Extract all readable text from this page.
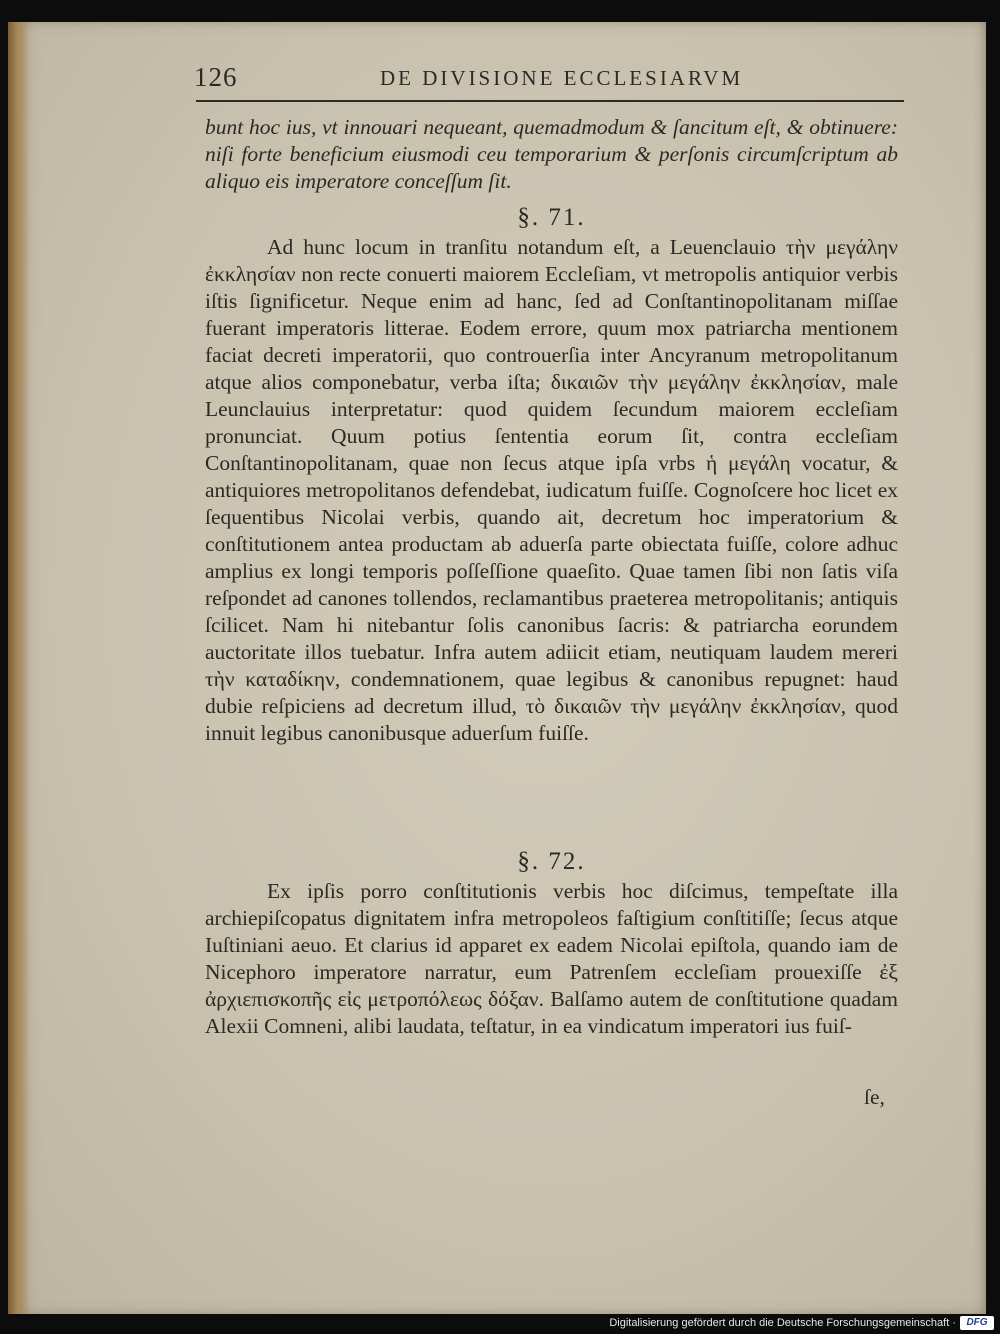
126	DE DIVISIONE ECCLESIARVM
bunt hoc ius, vt innouari nequeant, quemadmodum & ſancitum eſt, & obtinuere: niſi forte beneficium eiusmodi ceu temporarium & perſonis circumſcriptum ab aliquo eis imperatore conceſſum ſit.
§. 71.
Ad hunc locum in tranſitu notandum eſt, a Leuenclauio τὴν μεγάλην ἐκκλησίαν non recte conuerti maiorem Eccleſiam, vt metropolis antiquior verbis iſtis ſignificetur. Neque enim ad hanc, ſed ad Conſtantinopolitanam miſſae fuerant imperatoris litterae. Eodem errore, quum mox patriarcha mentionem faciat decreti imperatorii, quo controuerſia inter Ancyranum metropolitanum atque alios componebatur, verba iſta; δικαιῶν τὴν μεγάλην ἐκκλησίαν, male Leunclauius interpretatur: quod quidem ſecundum maiorem eccleſiam pronunciat. Quum potius ſententia eorum ſit, contra eccleſiam Conſtantinopolitanam, quae non ſecus atque ipſa vrbs ἡ μεγάλη vocatur, & antiquiores metropolitanos defendebat, iudicatum fuiſſe. Cognoſcere hoc licet ex ſequentibus Nicolai verbis, quando ait, decretum hoc imperatorium & conſtitutionem antea productam ab aduerſa parte obiectata fuiſſe, colore adhuc amplius ex longi temporis poſſeſſione quaeſito. Quae tamen ſibi non ſatis viſa reſpondet ad canones tollendos, reclamantibus praeterea metropolitanis; antiquis ſcilicet. Nam hi nitebantur ſolis canonibus ſacris: & patriarcha eorundem auctoritate illos tuebatur. Infra autem adiicit etiam, neutiquam laudem mereri τὴν καταδίκην, condemnationem, quae legibus & canonibus repugnet: haud dubie reſpiciens ad decretum illud, τὸ δικαιῶν τὴν μεγάλην ἐκκλησίαν, quod innuit legibus canonibusque aduerſum fuiſſe.
§. 72.
Ex ipſis porro conſtitutionis verbis hoc diſcimus, tempeſtate illa archiepiſcopatus dignitatem infra metropoleos faſtigium conſtitiſſe; ſecus atque Iuſtiniani aeuo. Et clarius id apparet ex eadem Nicolai epiſtola, quando iam de Nicephoro imperatore narratur, eum Patrenſem eccleſiam prouexiſſe ἐξ ἀρχιεπισκοπῆς εἰς μετροπόλεως δόξαν. Balſamo autem de conſtitutione quadam Alexii Comneni, alibi laudata, teſtatur, in ea vindicatum imperatori ius fuiſ-
ſe,
Digitalisierung gefördert durch die Deutsche Forschungsgemeinschaft ·	DFG
